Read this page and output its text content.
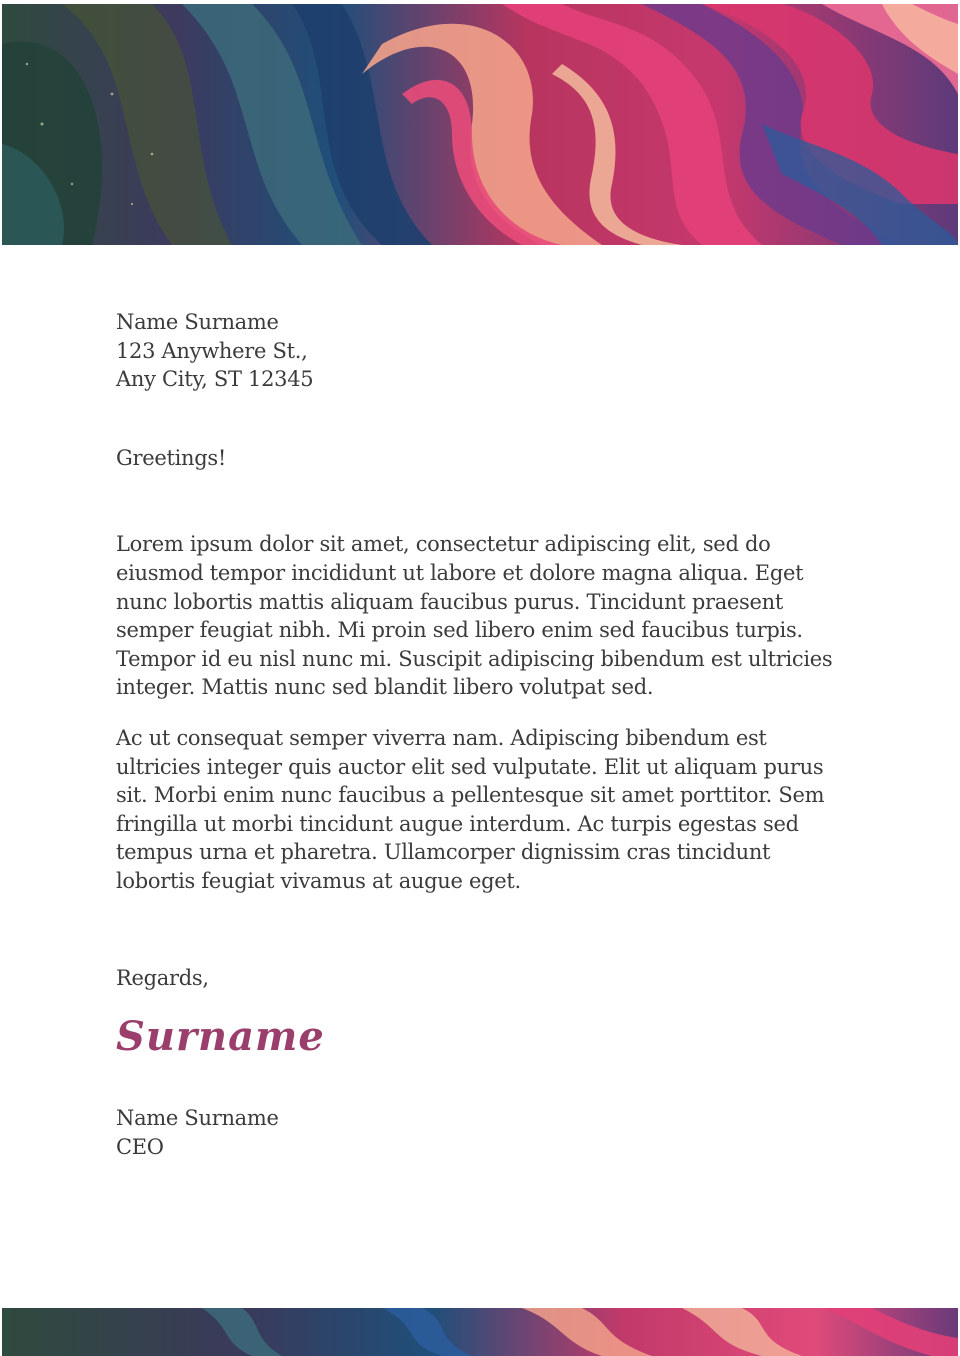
Name Surname
123 Anywhere St.,
Any City, ST 12345

Greetings!

Lorem ipsum dolor sit amet, consectetur adipiscing elit, sed do eiusmod tempor incididunt ut labore et dolore magna aliqua. Eget nunc lobortis mattis aliquam faucibus purus. Tincidunt praesent semper feugiat nibh. Mi proin sed libero enim sed faucibus turpis. Tempor id eu nisl nunc mi. Suscipit adipiscing bibendum est ultricies integer. Mattis nunc sed blandit libero volutpat sed.

Ac ut consequat semper viverra nam. Adipiscing bibendum est ultricies integer quis auctor elit sed vulputate. Elit ut aliquam purus sit. Morbi enim nunc faucibus a pellentesque sit amet porttitor. Sem fringilla ut morbi tincidunt augue interdum. Ac turpis egestas sed tempus urna et pharetra. Ullamcorper dignissim cras tincidunt lobortis feugiat vivamus at augue eget.

Regards,

Surname
Name Surname
CEO
